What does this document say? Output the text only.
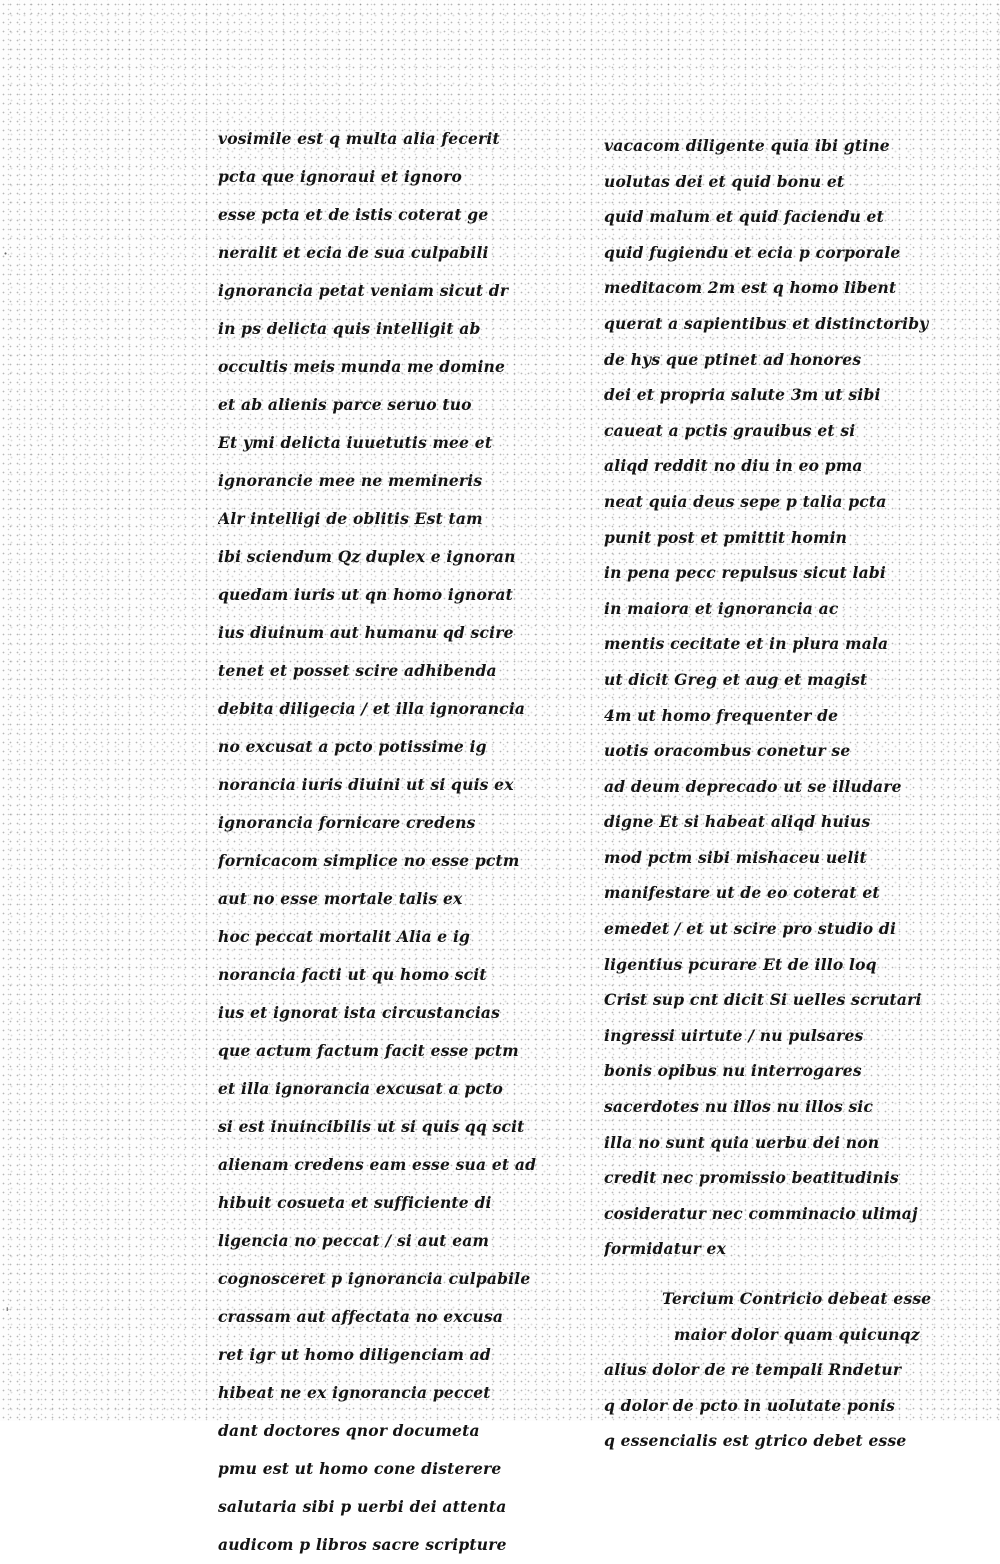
·
ˌ
vosimile est q multa alia fecerit
pcta que ignoraui et ignoro
esse pcta et de istis coterat ge
neralit et ecia de sua culpabili
ignorancia petat veniam sicut dr
in ps delicta quis intelligit ab
occultis meis munda me domine
et ab alienis parce seruo tuo
Et ymi delicta iuuetutis mee et
ignorancie mee ne memineris
Alr intelligi de oblitis Est tam
ibi sciendum Qz duplex e ignoran
quedam iuris ut qn homo ignorat
ius diuinum aut humanu qd scire
tenet et posset scire adhibenda
debita diligecia / et illa ignorancia
no excusat a pcto potissime ig
norancia iuris diuini ut si quis ex
ignorancia fornicare credens
fornicacom simplice no esse pctm
aut no esse mortale talis ex
hoc peccat mortalit Alia e ig
norancia facti ut qu homo scit
ius et ignorat ista circustancias
que actum factum facit esse pctm
et illa ignorancia excusat a pcto
si est inuincibilis ut si quis qq scit
alienam credens eam esse sua et ad
hibuit cosueta et sufficiente di
ligencia no peccat / si aut eam
cognosceret p ignorancia culpabile
crassam aut affectata no excusa
ret igr ut homo diligenciam ad
hibeat ne ex ignorancia peccet
dant doctores qnor documeta
pmu est ut homo cone disterere
salutaria sibi p uerbi dei attenta
audicom p libros sacre scripture
vacacom diligente quia ibi gtine
uolutas dei et quid bonu et
quid malum et quid faciendu et
quid fugiendu et ecia p corporale
meditacom 2m est q homo libent
querat a sapientibus et distinctoriby
de hys que ptinet ad honores
dei et propria salute 3m ut sibi
caueat a pctis grauibus et si
aliqd reddit no diu in eo pma
neat quia deus sepe p talia pcta
punit post et pmittit homin
in pena pecc repulsus sicut labi
in maiora et ignorancia ac
mentis cecitate et in plura mala
ut dicit Greg et aug et magist
4m ut homo frequenter de
uotis oracombus conetur se
ad deum deprecado ut se illudare
digne Et si habeat aliqd huius
mod pctm sibi mishaceu uelit
manifestare ut de eo coterat et
emedet / et ut scire pro studio di
ligentius pcurare Et de illo loq
Crist sup cnt dicit Si uelles scrutari
ingressi uirtute / nu pulsares
bonis opibus nu interrogares
sacerdotes nu illos nu illos sic
illa no sunt quia uerbu dei non
credit nec promissio beatitudinis
cosideratur nec comminacio ulimaj
formidatur ex
Tercium Contricio debeat esse
maior dolor quam quicunqz
alius dolor de re tempali Rndetur
q dolor de pcto in uolutate ponis
q essencialis est gtrico debet esse
